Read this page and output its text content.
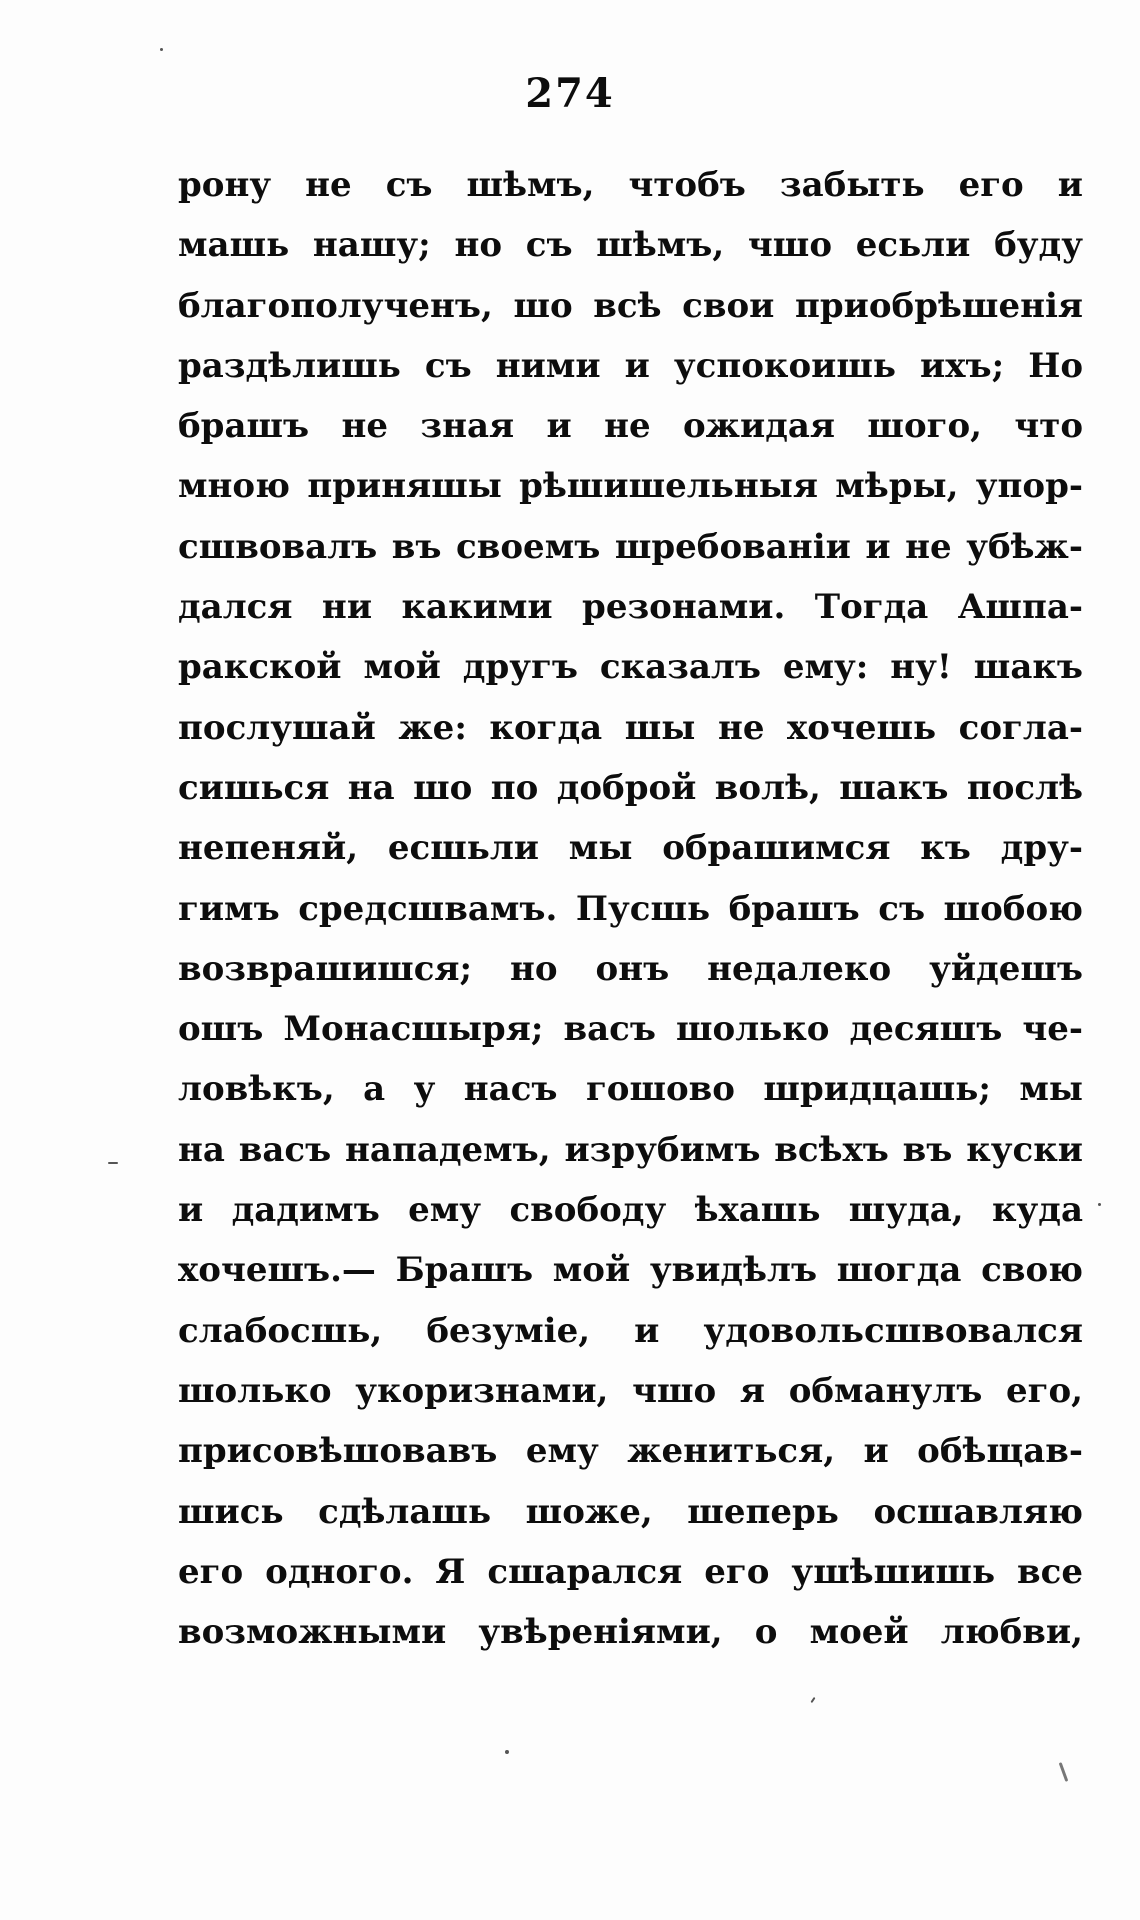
274
рону не съ шѣмъ, чтобъ забыть его и
машь нашу; но съ шѣмъ, чшо есьли буду
благополученъ, шо всѣ свои приобрѣшенія
раздѣлишь съ ними и успокоишь ихъ; Но
брашъ не зная и не ожидая шого, что
мною приняшы рѣшишельныя мѣры, упор-
сшвовалъ въ своемъ шребованіи и не убѣж-
дался ни какими резонами. Тогда Ашпа-
ракской мой другъ сказалъ ему: ну! шакъ
послушай же: когда шы не хочешь согла-
сишься на шо по доброй волѣ, шакъ послѣ
непеняй, есшьли мы обрашимся къ дру-
гимъ средсшвамъ. Пусшь брашъ съ шобою
возврашишся; но онъ недалеко уйдешъ
ошъ Монасшыря; васъ шолько десяшъ че-
ловѣкъ, а у насъ гошово шридцашь; мы
на васъ нападемъ, изрубимъ всѣхъ въ куски
и дадимъ ему свободу ѣхашь шуда, куда
хочешъ.— Брашъ мой увидѣлъ шогда свою
слабосшь, безуміе, и удовольсшвовался
шолько укоризнами, чшо я обманулъ его,
присовѣшовавъ ему жениться, и обѣщав-
шись сдѣлашь шоже, шеперь осшавляю
его одного. Я сшарался его ушѣшишь все
возможными увѣреніями, о моей любви,
